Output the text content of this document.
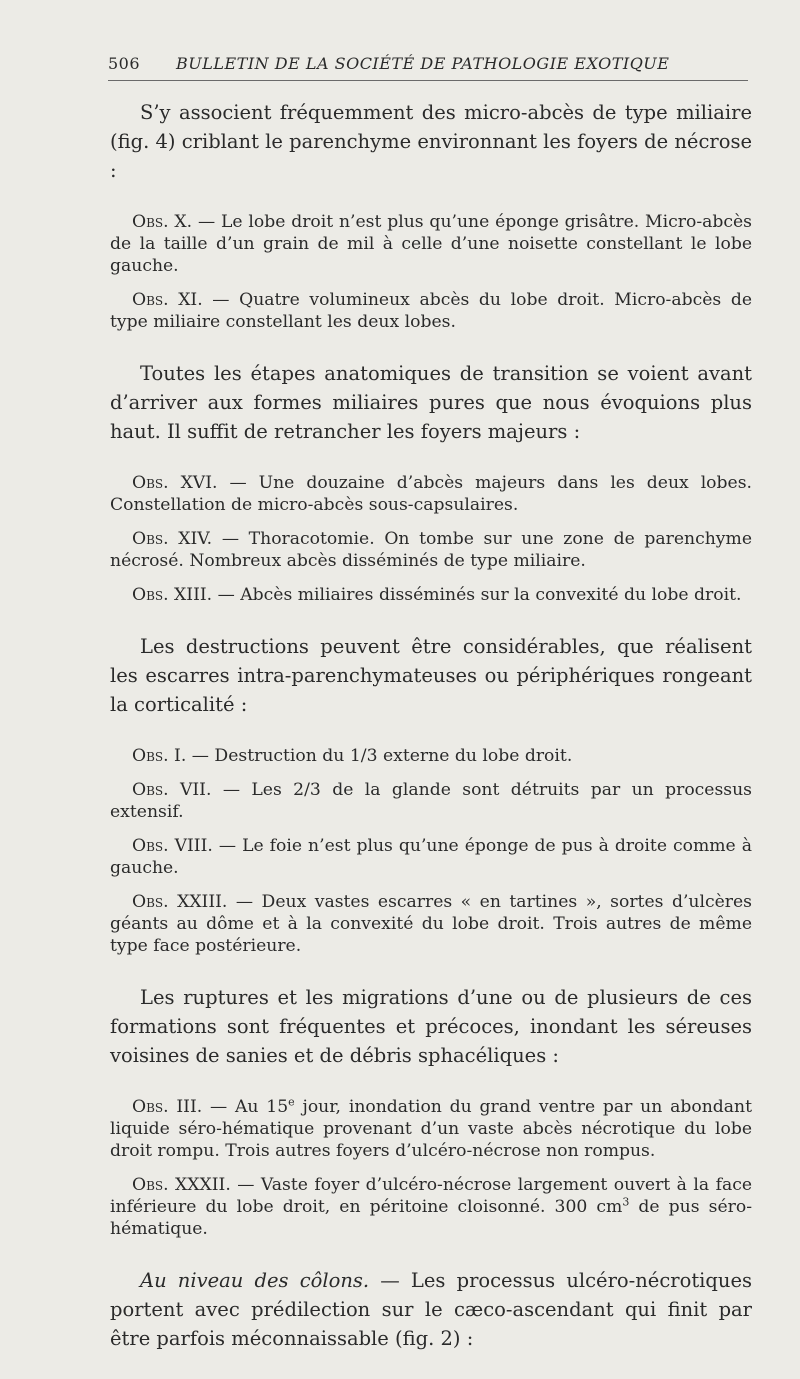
506 BULLETIN DE LA SOCIÉTÉ DE PATHOLOGIE EXOTIQUE

S’y associent fréquemment des micro-abcès de type miliaire (fig. 4) criblant le parenchyme environnant les foyers de nécrose :

Obs. X. — Le lobe droit n’est plus qu’une éponge grisâtre. Micro-abcès de la taille d’un grain de mil à celle d’une noisette constellant le lobe gauche.

Obs. XI. — Quatre volumineux abcès du lobe droit. Micro-abcès de type miliaire constellant les deux lobes.

Toutes les étapes anatomiques de transition se voient avant d’arriver aux formes miliaires pures que nous évoquions plus haut. Il suffit de retrancher les foyers majeurs :

Obs. XVI. — Une douzaine d’abcès majeurs dans les deux lobes. Constellation de micro-abcès sous-capsulaires.

Obs. XIV. — Thoracotomie. On tombe sur une zone de parenchyme nécrosé. Nombreux abcès disséminés de type miliaire.

Obs. XIII. — Abcès miliaires disséminés sur la convexité du lobe droit.

Les destructions peuvent être considérables, que réalisent les escarres intra-parenchymateuses ou périphériques rongeant la corticalité :

Obs. I. — Destruction du 1/3 externe du lobe droit.

Obs. VII. — Les 2/3 de la glande sont détruits par un processus extensif.

Obs. VIII. — Le foie n’est plus qu’une éponge de pus à droite comme à gauche.

Obs. XXIII. — Deux vastes escarres « en tartines », sortes d’ulcères géants au dôme et à la convexité du lobe droit. Trois autres de même type face postérieure.

Les ruptures et les migrations d’une ou de plusieurs de ces formations sont fréquentes et précoces, inondant les séreuses voisines de sanies et de débris sphacéliques :

Obs. III. — Au 15e jour, inondation du grand ventre par un abondant liquide séro-hématique provenant d’un vaste abcès nécrotique du lobe droit rompu. Trois autres foyers d’ulcéro-nécrose non rompus.

Obs. XXXII. — Vaste foyer d’ulcéro-nécrose largement ouvert à la face inférieure du lobe droit, en péritoine cloisonné. 300 $cm^3$ de pus séro-hématique.

Au niveau des côlons. — Les processus ulcéro-nécrotiques portent avec prédilection sur le cæco-ascendant qui finit par être parfois méconnaissable (fig. 2) :
